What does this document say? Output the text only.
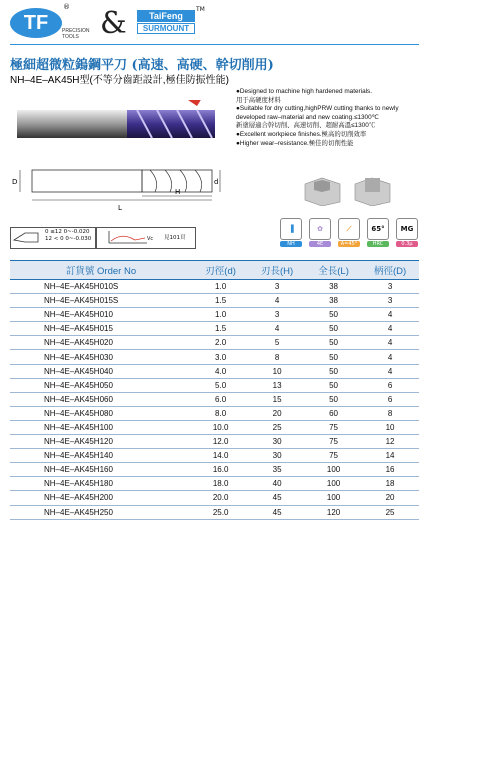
TF
®
PRECISION
TOOLS &	TaiFeng
SURMOUNT
TM
極細超微粒鎢鋼平刀 (高速、高硬、幹切削用)
NH–4E–AK45H型(不等分齒距設計,極佳防振性能)
●Designed to machine high hardened materials.
用于高硬度材料
●Suitable for dry cutting,highPRW cutting thanks to newly
developed raw–material and new coating.≤1300℃
新塗層適合幹切削、高速切削、超耐高溫≤1300℃
●Excellent workpiece finishes.極高的切削效率
●Higher wear–resistance.極佳的切削性能
D	d
H
L
0 ≤12 0~-0.020
12 < 0 0~-0.030	Vc 見101頁
▐
NH
✿
4E
⟋
A=45°
65°
HRC
MG
0.3μ
訂貨號 Order No	刃徑(d)	刃長(H)	全長(L)	柄徑(D)
NH–4E–AK45H010S	1.0	3	38	3
NH–4E–AK45H015S	1.5	4	38	3
NH–4E–AK45H010	1.0	3	50	4
NH–4E–AK45H015	1.5	4	50	4
NH–4E–AK45H020	2.0	5	50	4
NH–4E–AK45H030	3.0	8	50	4
NH–4E–AK45H040	4.0	10	50	4
NH–4E–AK45H050	5.0	13	50	6
NH–4E–AK45H060	6.0	15	50	6
NH–4E–AK45H080	8.0	20	60	8
NH–4E–AK45H100	10.0	25	75	10
NH–4E–AK45H120	12.0	30	75	12
NH–4E–AK45H140	14.0	30	75	14
NH–4E–AK45H160	16.0	35	100	16
NH–4E–AK45H180	18.0	40	100	18
NH–4E–AK45H200	20.0	45	100	20
NH–4E–AK45H250	25.0	45	120	25
